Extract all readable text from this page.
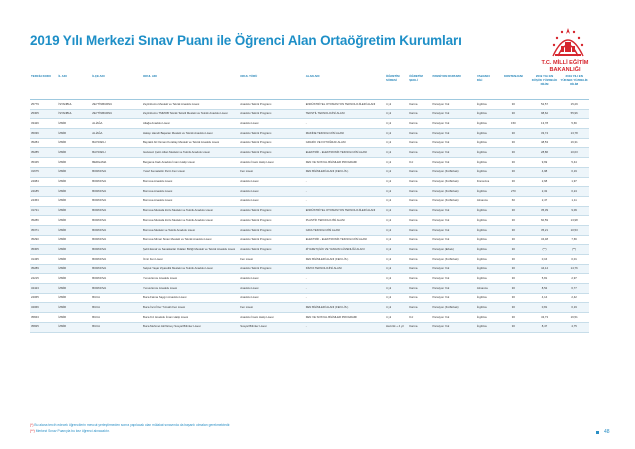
2019 Yılı Merkezi Sınav Puanı ile Öğrenci Alan Ortaöğretim Kurumları
T.C. MİLLİ EĞİTİM
BAKANLIĞI
TERCİH KODU	İL ADI	İLÇE ADI	OKUL ADI	OKUL TÜRÜ	ALAN ADI	ÖĞRETİM SÜRESİ	ÖĞRETİM ŞEKLİ	PANSİYON DURUMU	YABANCI DİLİ	KONTENJANI	2019 YILI EN DÜŞÜK YÜZDELİK DİLİM	2019 YILI EN YÜKSEK YÜZDELİK DİLİM
25779	İSTANBUL	ZEYTİNBURNU	Zeytinburnu Mesleki ve Teknik Anadolu Lisesi	Anadolu Teknik Programı	ENDÜSTRİYEL OTOMASYON TEKNOLOJİLERİ ALANI	4 yıl	Karma	Pansiyon Yok	İngilizce	30	52,57	15,29
25305	İSTANBUL	ZEYTİNBURNU	Zeytinburnu TMMOB Teknik Tekstil Mesleki ve Teknik Anadolu Lisesi	Anadolu Teknik Programı	TEKSTİL TEKNOLOJİSİ ALANI	4 yıl	Karma	Pansiyon Yok	İngilizce	30	98,62	55,96
33426	İZMİR	ALİAĞA	Aliağa Anadolu Lisesi	Anadolu Lisesi	-	4 yıl	Karma	Pansiyon Yok	İngilizce	150	13,78	5,66
35036	İZMİR	ALİAĞA	Halayı Hamdi Başaran Mesleki ve Teknik Anadolu Lisesi	Anadolu Teknik Programı	MAKİNE TEKNOLOJİSİ ALANI	4 yıl	Karma	Pansiyon Yok	İngilizce	30	33,74	13,78
35284	İZMİR	BAYRAKLI	Bayraklı Ali Osman Koraltay Mesleki ve Teknik Anadolu Lisesi	Anadolu Teknik Programı	GRAFİK VE FOTOĞRAF ALANI	4 yıl	Karma	Pansiyon Yok	İngilizce	30	48,53	16,31
35285	İZMİR	BAYRAKLI	Gazeteci Çetin Altan Mesleki ve Teknik Anadolu Lisesi	Anadolu Teknik Programı	ELEKTRİK - ELEKTRONİK TEKNOLOJİSİ ALANI	4 yıl	Karma	Pansiyon Yok	İngilizce	30	28,86	10,03
35345	İZMİR	BERGAMA	Bergama Kadı Anadolu İmam Hatip Lisesi	Anadolu İmam Hatip Lisesi	FEN VE SOSYAL BİLİMLER PROGRAMI	4 yıl	Kız	Pansiyon Yok	İngilizce	30	9,69	5,44
31675	İZMİR	BORNOVA	Yusuf Kemalettin Perin Fen Lisesi	Fen Lisesi	FEN BİLİMLERİ ALANI (FEN LİS.)	4 yıl	Karma	Pansiyon (Kız/Erkek)	İngilizce	30	4,98	0,19
24084	İZMİR	BORNOVA	Bornova Anadolu Lisesi	Anadolu Lisesi	-	4 yıl	Karma	Pansiyon (Kız/Erkek)	Fransızca	30	2,68	1,97
24185	İZMİR	BORNOVA	Bornova Anadolu Lisesi	Anadolu Lisesi	-	4 yıl	Karma	Pansiyon (Kız/Erkek)	İngilizce	270	2,32	0,24
24453	İZMİR	BORNOVA	Bornova Anadolu Lisesi	Anadolu Lisesi	-	4 yıl	Karma	Pansiyon (Kız/Erkek)	Almanca	60	2,47	1,11
31721	İZMİR	BORNOVA	Bornova Mustafa Zorlu Mesleki ve Teknik Anadolu Lisesi	Anadolu Teknik Programı	ENDÜSTRİYEL OTOMASYON TEKNOLOJİLERİ ALANI	4 yıl	Karma	Pansiyon Yok	İngilizce	30	35,39	9,09
35286	İZMİR	BORNOVA	Bornova Mustafa Zorlu Mesleki ve Teknik Anadolu Lisesi	Anadolu Teknik Programı	PLASTİK TEKNOLOJİSİ ALANI	4 yıl	Karma	Pansiyon Yok	İngilizce	30	60,59	13,98
35371	İZMİR	BORNOVA	Bornova Mesleki ve Teknik Anadolu Lisesi	Anadolu Teknik Programı	GIDA TEKNOLOJİSİ ALANI	4 yıl	Karma	Pansiyon Yok	İngilizce	30	35,21	10,53
35290	İZMİR	BORNOVA	Bornova Mimar Sinan Mesleki ve Teknik Anadolu Lisesi	Anadolu Teknik Programı	ELEKTRİK - ELEKTRONİK TEKNOLOJİSİ ALANI	4 yıl	Karma	Pansiyon Yok	İngilizce	30	34,48	7,66
35305	İZMİR	BORNOVA	Şehit Esnaf ve Sanatkarlar Odaları Birliği Mesleki ve Teknik Anadolu Lisesi	Anadolu Teknik Programı	ZİYAFETÇİLİK VE YANGIN GÜVENLİĞİ ALANI	4 yıl	Karma	Pansiyon (Erkek)	İngilizce	30	(**)	(**)
31435	İZMİR	BORNOVA	İzmir Fen Lisesi	Fen Lisesi	FEN BİLİMLERİ ALANI (FEN LİS.)	4 yıl	Karma	Pansiyon (Kız/Erkek)	İngilizce	30	0,16	0,01
35289	İZMİR	BORNOVA	Selçuk Yaşar Ziyaretlik Mesleki ve Teknik Anadolu Lisesi	Anadolu Teknik Programı	KİMYA TEKNOLOJİSİ ALANI	4 yıl	Karma	Pansiyon Yok	İngilizce	30	44,14	14,76
24215	İZMİR	BORNOVA	Yunus Emre Anadolu Lisesi	Anadolu Lisesi	-	4 yıl	Karma	Pansiyon Yok	İngilizce	30	5,81	2,97
34423	İZMİR	BORNOVA	Yunus Emre Anadolu Lisesi	Anadolu Lisesi	-	4 yıl	Karma	Pansiyon Yok	Almanca	30	8,52	6,77
24065	İZMİR	BUCA	Buca Fatma Saygın Anadolu Lisesi	Anadolu Lisesi	-	4 yıl	Karma	Pansiyon Yok	İngilizce	30	4,14	2,42
34066	İZMİR	BUCA	Buca İnci-Özer Tırnaklı Fen Lisesi	Fen Lisesi	FEN BİLİMLERİ ALANI (FEN LİS.)	4 yıl	Karma	Pansiyon (Kız/Erkek)	İngilizce	30	0,81	0,19
35843	İZMİR	BUCA	Buca Kız Anadolu İmam Hatip Lisesi	Anadolu İmam Hatip Lisesi	FEN VE SOSYAL BİLİMLER PROGRAMI	4 yıl	Kız	Pansiyon Yok	İngilizce	30	43,73	16,51
35825	İZMİR	BUCA	Buca Mehmet Akif Ersoy Sosyal Bilimler Lisesi	Sosyal Bilimler Lisesi	-	Hazırlık + 4 yıl	Karma	Pansiyon Yok	İngilizce	30	8,47	4,75
(*) Bu alana tercih edecek öğrencilerin mevcut yerleştirmeden sonra yapılacak olan mülakat sınavında da başarılı olmaları gerekmektedir.
(**) Merkezi Sınav Puanıyla bu kez öğrenci alınacaktır.	48
